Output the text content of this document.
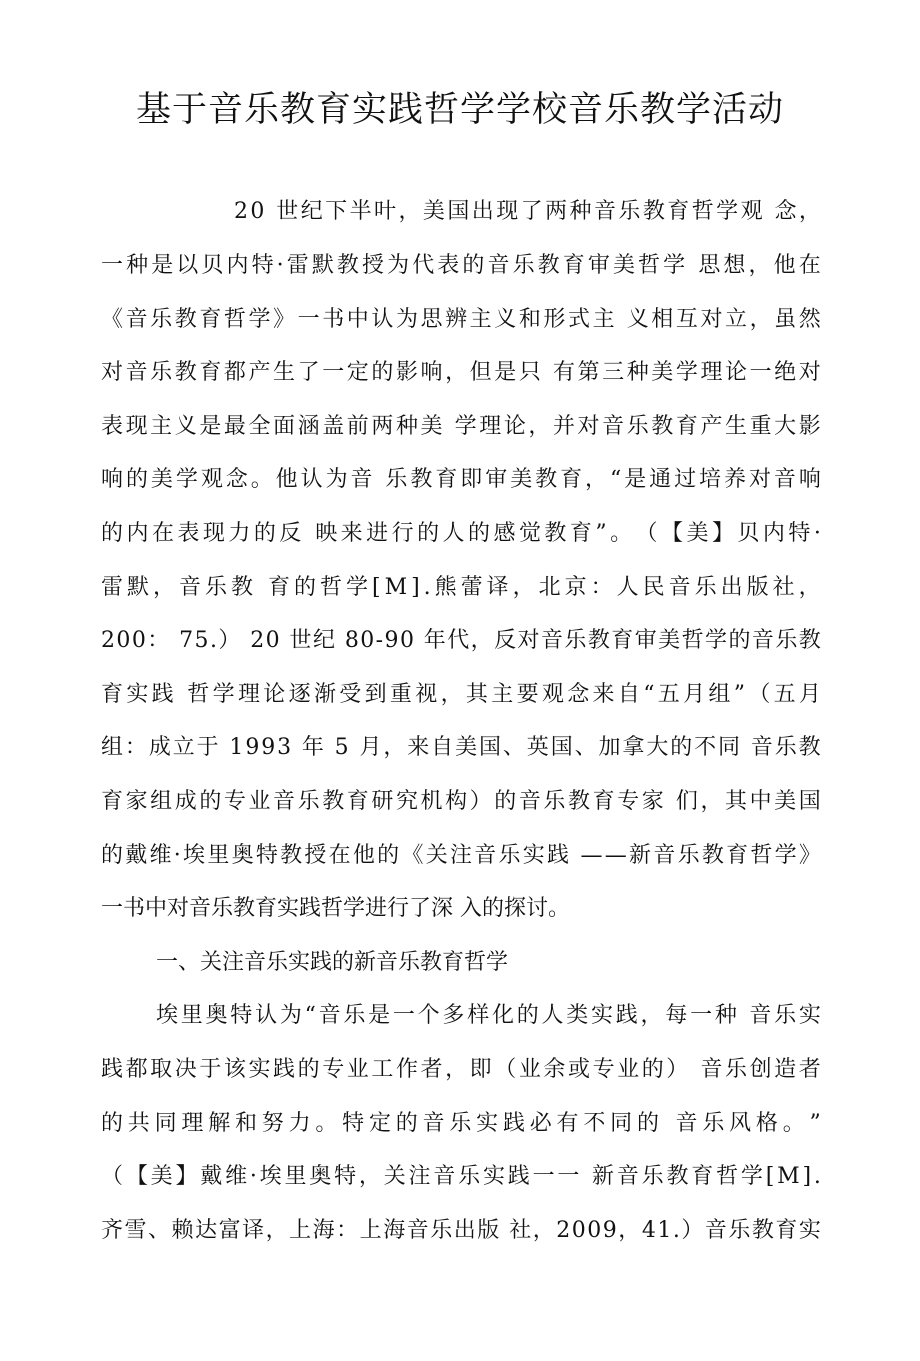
基于音乐教育实践哲学学校音乐教学活动
2 0
世 纪 下 半 叶 ， 美 国 出 现 了 两 种 音 乐 教 育 哲 学 观
念 ，
一 种 是 以 贝 内 特 · 雷 默 教 授 为 代 表 的 音 乐 教 育 审 美 哲 学
思 想 ， 他 在
《 音 乐 教 育 哲 学 》 一 书 中 认 为 思 辨 主 义 和 形 式 主
义 相 互 对 立 ， 虽 然
对 音 乐 教 育 都 产 生 了 一 定 的 影 响 ， 但 是 只
有 第 三 种 美 学 理 论 一 绝 对
表 现 主 义 是 最 全 面 涵 盖 前 两 种 美
学 理 论 ， 并 对 音 乐 教 育 产 生 重 大 影
响 的 美 学 观 念 。 他 认 为 音
乐 教 育 即 审 美 教 育 ， “ 是 通 过 培 养 对 音 响
的 内 在 表 现 力 的 反
映 来 进 行 的 人 的 感 觉 教 育 ” 。 （ 【 美 】 贝 内 特 ·
雷 默 ， 音 乐 教
育 的 哲 学 [ M ] . 熊 蕾 译 ， 北 京 ： 人 民 音 乐 出 版 社 ，
2 0 0 ：
7 5 . ）
2 0
世 纪
8 0 - 9 0
年 代 ， 反 对 音 乐 教 育 审 美 哲 学 的 音 乐 教
育 实 践
哲 学 理 论 逐 渐 受 到 重 视 ， 其 主 要 观 念 来 自 “ 五 月 组 ” （ 五 月
组 ： 成 立 于
1 9 9 3
年
5
月 ， 来 自 美 国 、 英 国 、 加 拿 大 的 不 同
音 乐 教
育 家 组 成 的 专 业 音 乐 教 育 研 究 机 构 ） 的 音 乐 教 育 专 家
们 ， 其 中 美 国
的 戴 维 · 埃 里 奥 特 教 授 在 他 的 《 关 注 音 乐 实 践
— — 新 音 乐 教 育 哲 学 》
一书中对音乐教育实践哲学进行了深 入的探讨。
一、关注音乐实践的新音乐教育哲学
埃 里 奥 特 认 为 “ 音 乐 是 一 个 多 样 化 的 人 类 实 践 ， 每 一 种
音 乐 实
践 都 取 决 于 该 实 践 的 专 业 工 作 者 ， 即 （ 业 余 或 专 业 的 ）
音 乐 创 造 者
的 共 同 理 解 和 努 力 。 特 定 的 音 乐 实 践 必 有 不 同 的
音 乐 风 格 。 ”
（ 【 美 】 戴 维 · 埃 里 奥 特 ， 关 注 音 乐 实 践 一 一
新 音 乐 教 育 哲 学 [ M ] .
齐 雪 、 赖 达 富 译 ， 上 海 ： 上 海 音 乐 出 版
社 ， 2 0 0 9 ， 4 1 . ） 音 乐 教 育 实
